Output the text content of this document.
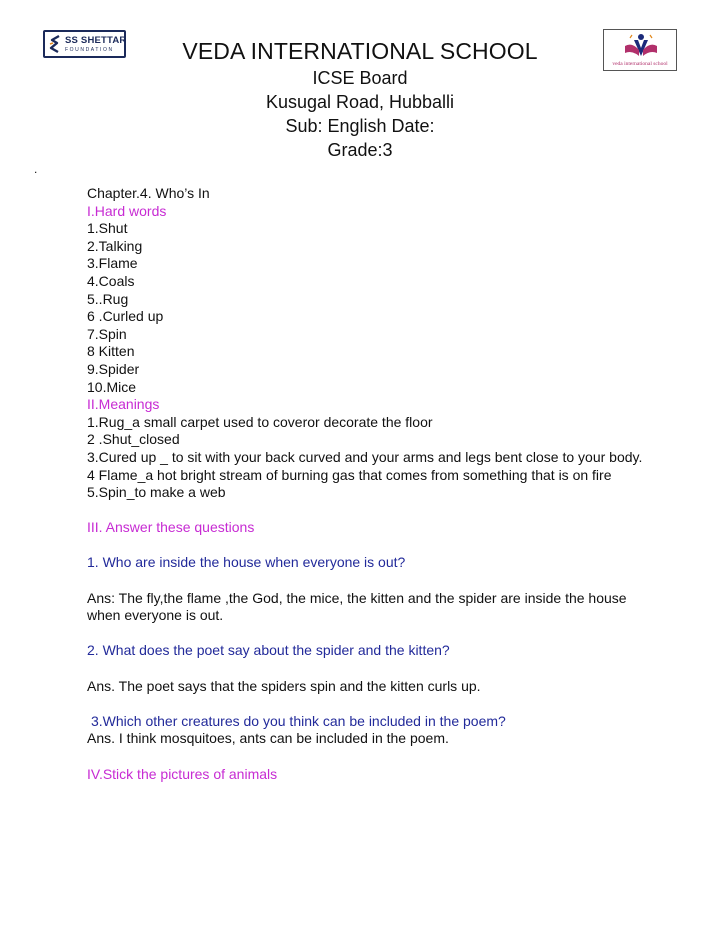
SS SHETTAR
FOUNDATION
veda international school
VEDA INTERNATIONAL SCHOOL
ICSE Board
Kusugal Road, Hubballi
Sub: English Date:
Grade:3
.

Chapter.4. Who’s In

I.Hard words

1.Shut

2.Talking

3.Flame

4.Coals

5..Rug

6 .Curled up

7.Spin

8 Kitten

9.Spider

10.Mice

II.Meanings

1.Rug_a small carpet used to coveror decorate the floor

2 .Shut_closed

3.Cured up _ to sit with your back curved and your arms and legs bent close to your body.

4 Flame_a hot bright stream of burning gas that comes from something that is on fire

5.Spin_to make a web

III. Answer these questions

1. Who are inside the house when everyone is out?

Ans: The fly,the flame ,the God, the mice, the kitten and the spider are inside the house when everyone is out.

2. What does the poet say about the spider and the kitten?

Ans. The poet says that the spiders spin and the kitten curls up.

3.Which other creatures do you think can be included in the poem?

Ans. I think mosquitoes, ants can be included in the poem.

IV.Stick the pictures of animals
